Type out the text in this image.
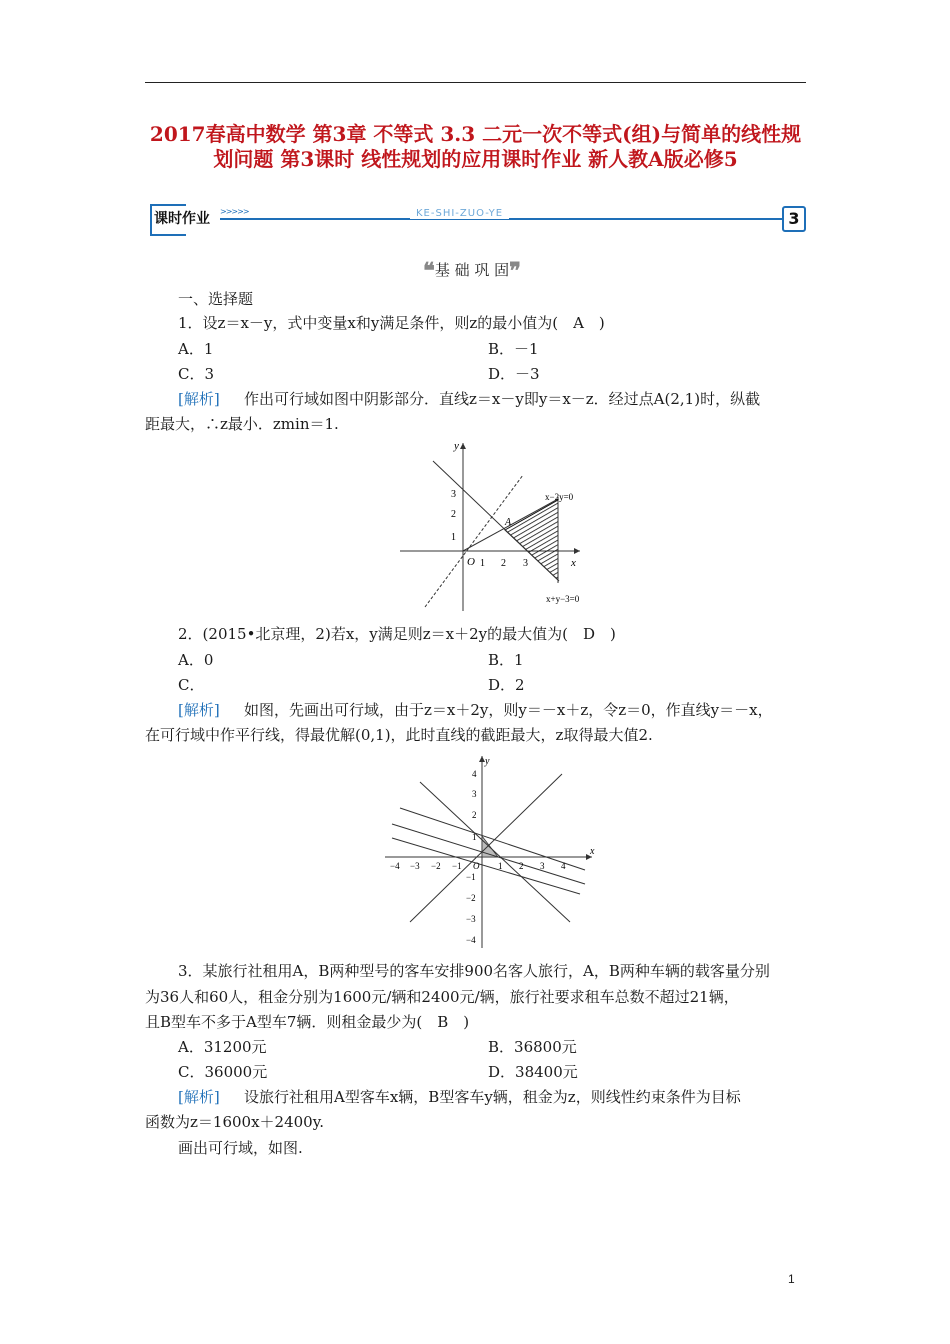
2017春高中数学 第3章 不等式 3.3 二元一次不等式(组)与简单的线性规划问题 第3课时 线性规划的应用课时作业 新人教A版必修5
课时作业 >>>>>	KE-SHI-ZUO-YE	3
❝基 础 巩 固❞
一、选择题
1．设z＝x－y，式中变量x和y满足条件，则z的最小值为(　A　)
A．1	B．－1
C．3	D．－3
[解析] 作出可行域如图中阴影部分．直线z＝x－y即y＝x－z．经过点A(2,1)时，纵截
距最大，∴z最小．zmin＝1.
y
x
O 1 2 3
1
2
3
A
x−2y=0
x+y−3=0
2．(2015•北京理，2)若x，y满足则z＝x＋2y的最大值为(　D　)
A．0	B．1
C．	D．2
[解析] 如图，先画出可行域，由于z＝x＋2y，则y＝－x＋z，令z＝0，作直线y＝－x，
在可行域中作平行线，得最优解(0,1)，此时直线的截距最大，z取得最大值2.
y
x
O
−4 −3 −2 −1	1 2 3 4
4
3
2
1
−1
−2
−3
−4
3．某旅行社租用A，B两种型号的客车安排900名客人旅行，A，B两种车辆的载客量分别
为36人和60人，租金分别为1600元/辆和2400元/辆，旅行社要求租车总数不超过21辆，
且B型车不多于A型车7辆．则租金最少为(　B　)
A．31200元	B．36800元
C．36000元	D．38400元
[解析] 设旅行社租用A型客车x辆，B型客车y辆，租金为z，则线性约束条件为目标
函数为z＝1600x＋2400y.
画出可行域，如图.
1
